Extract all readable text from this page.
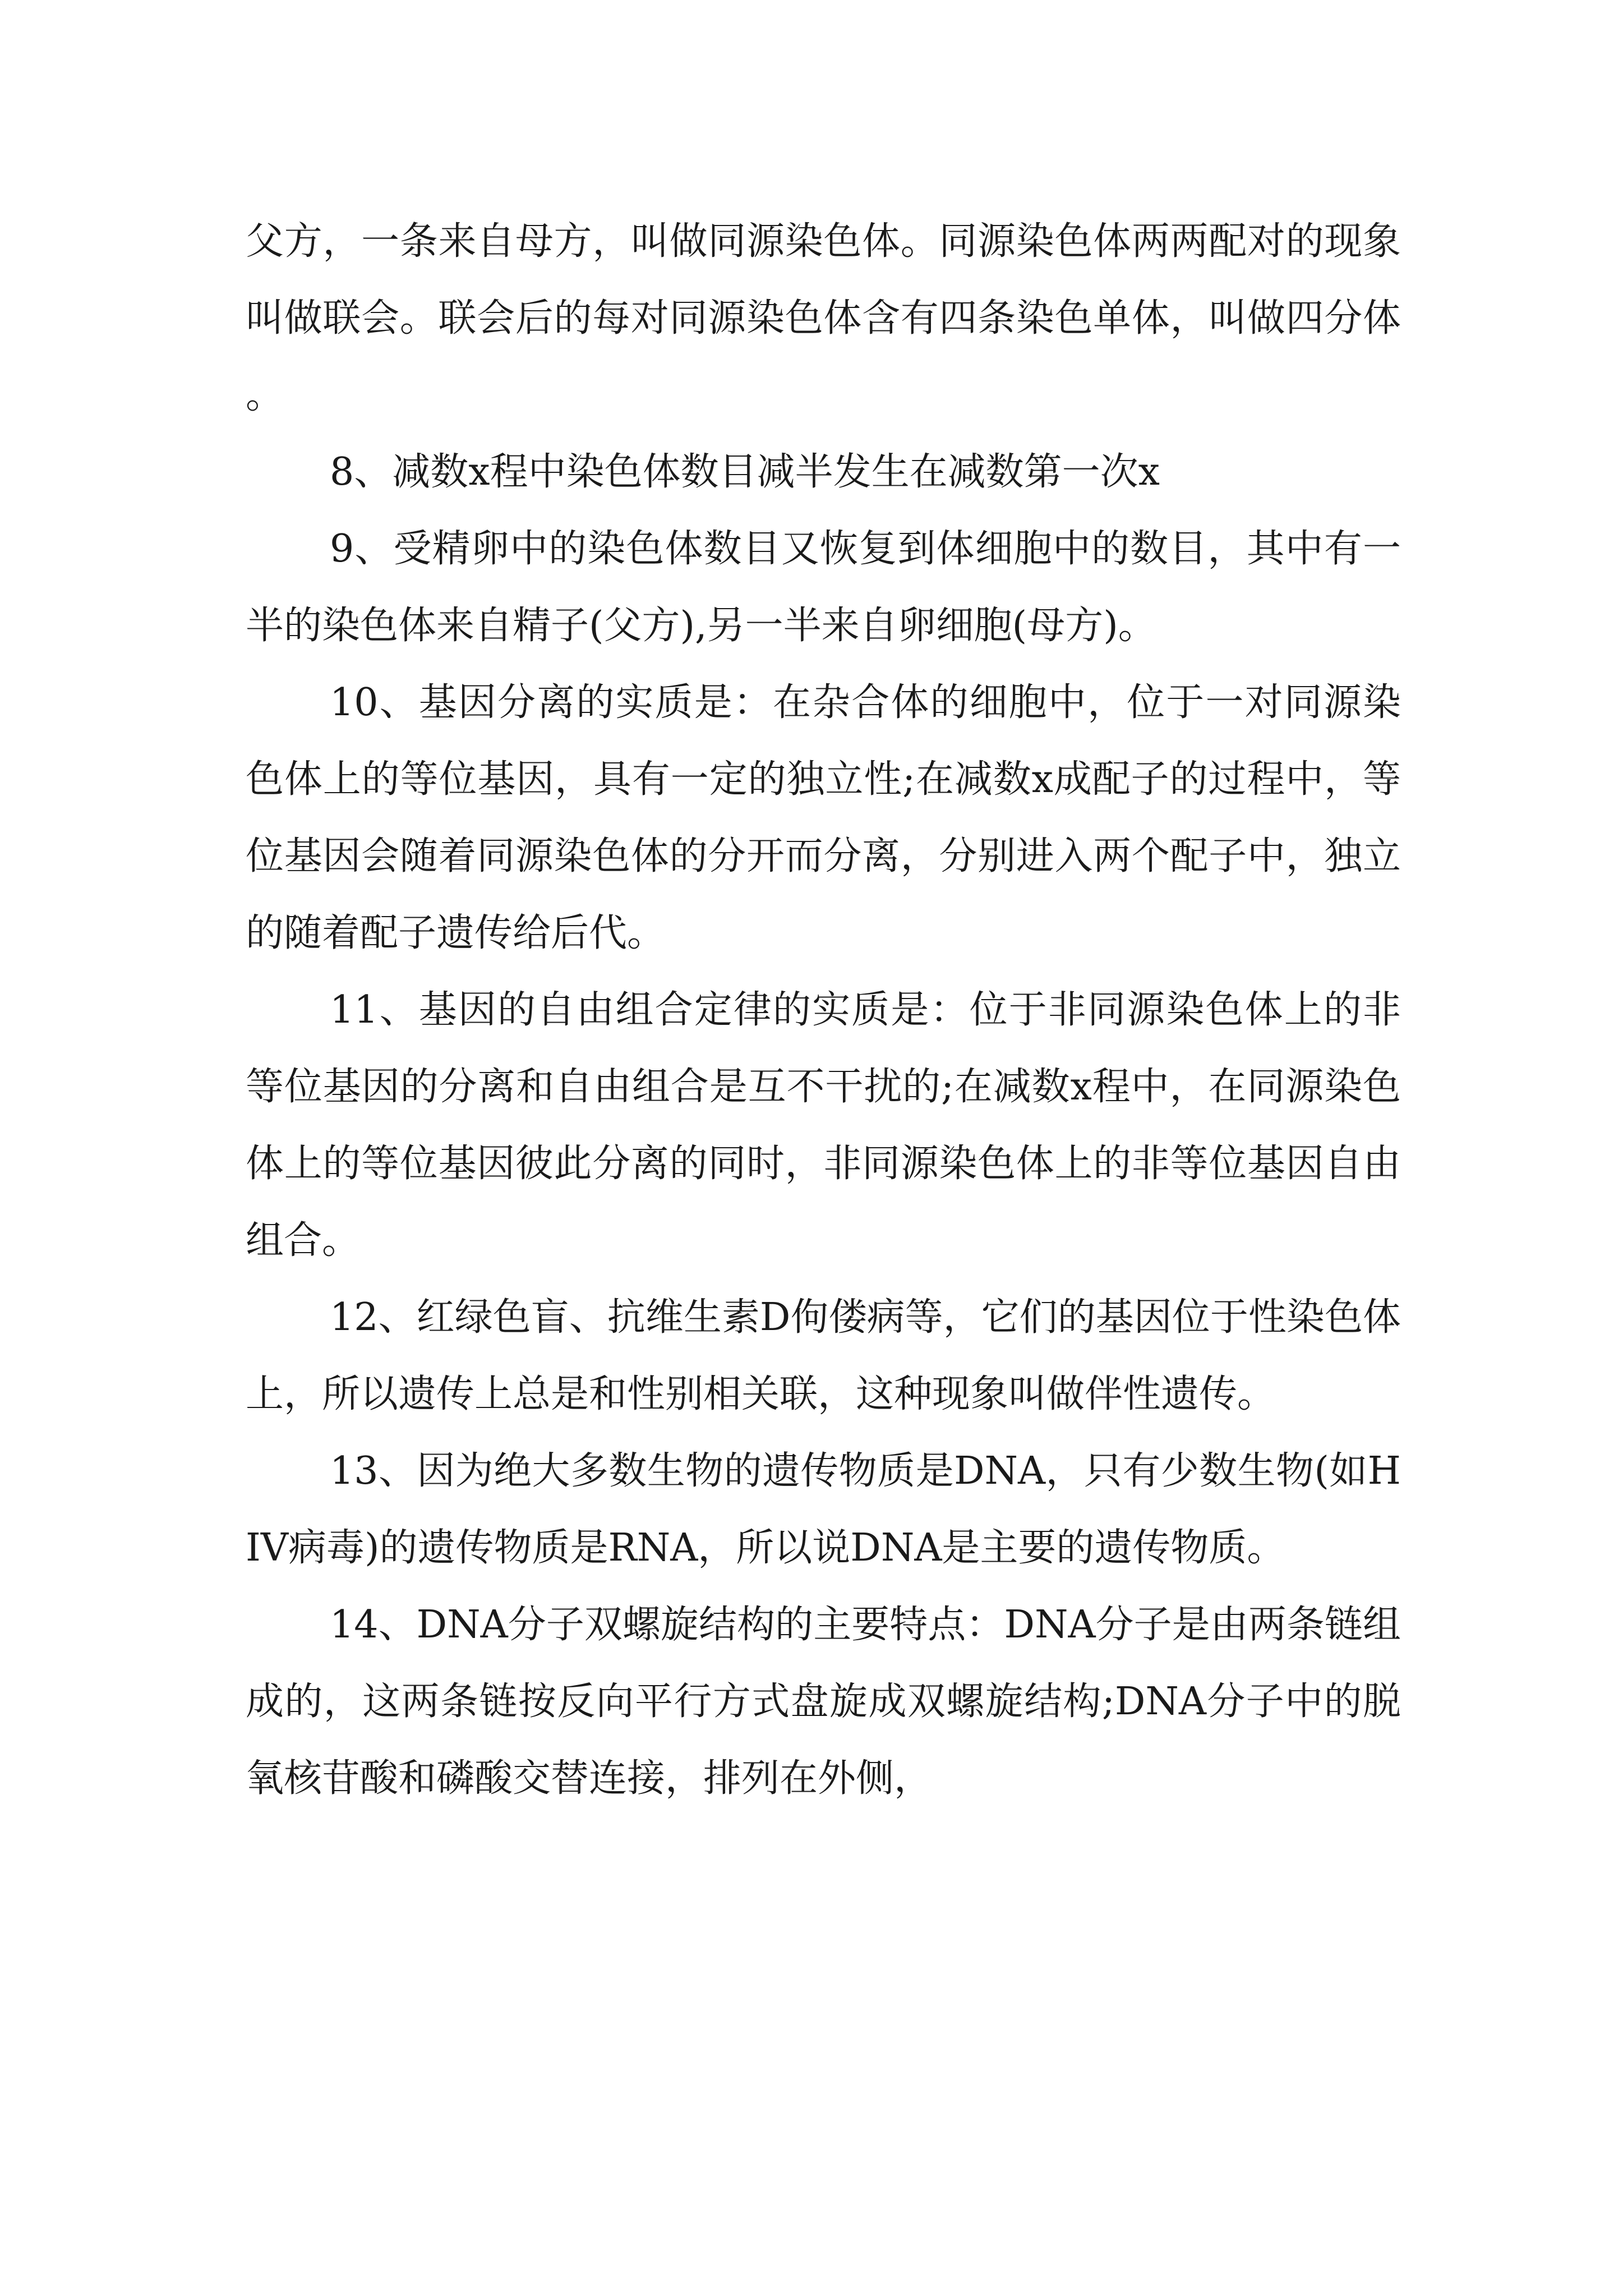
父方，一条来自母方，叫做同源染色体。同源染色体两两配对的现象叫做联会。联会后的每对同源染色体含有四条染色单体，叫做四分体。

8、减数x程中染色体数目减半发生在减数第一次x

9、受精卵中的染色体数目又恢复到体细胞中的数目，其中有一半的染色体来自精子(父方),另一半来自卵细胞(母方)。

10、基因分离的实质是：在杂合体的细胞中，位于一对同源染色体上的等位基因，具有一定的独立性;在减数x成配子的过程中，等位基因会随着同源染色体的分开而分离，分别进入两个配子中，独立的随着配子遗传给后代。

11、基因的自由组合定律的实质是：位于非同源染色体上的非等位基因的分离和自由组合是互不干扰的;在减数x程中，在同源染色体上的等位基因彼此分离的同时，非同源染色体上的非等位基因自由组合。

12、红绿色盲、抗维生素D佝偻病等，它们的基因位于性染色体上，所以遗传上总是和性别相关联，这种现象叫做伴性遗传。

13、因为绝大多数生物的遗传物质是DNA，只有少数生物(如HIV病毒)的遗传物质是RNA，所以说DNA是主要的遗传物质。

14、DNA分子双螺旋结构的主要特点：DNA分子是由两条链组成的，这两条链按反向平行方式盘旋成双螺旋结构;DNA分子中的脱氧核苷酸和磷酸交替连接，排列在外侧，
